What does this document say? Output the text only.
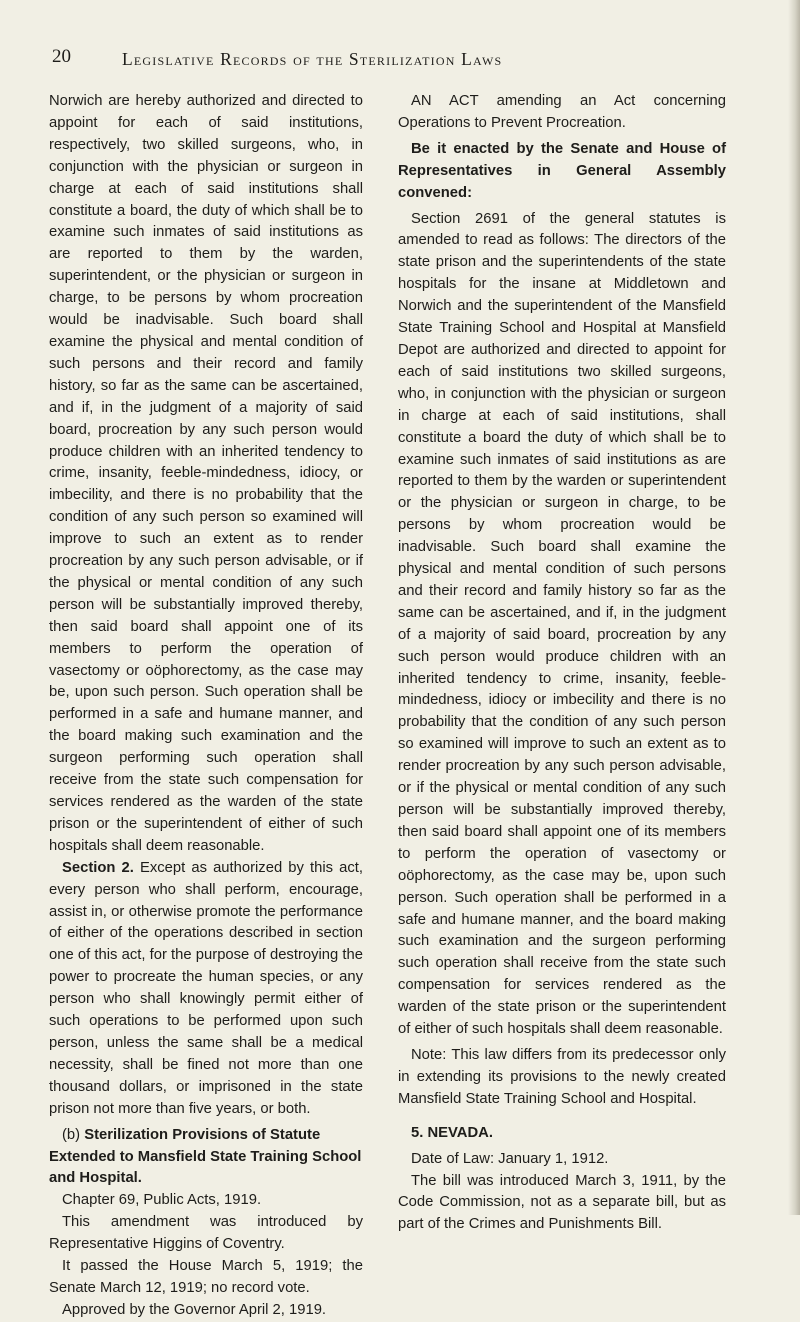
20	Legislative Records of the Sterilization Laws

Norwich are hereby authorized and directed to appoint for each of said institutions, respectively, two skilled surgeons, who, in conjunction with the physician or surgeon in charge at each of said institutions shall constitute a board, the duty of which shall be to examine such inmates of said institutions as are reported to them by the warden, superintendent, or the physician or surgeon in charge, to be persons by whom procreation would be inadvisable. Such board shall examine the physical and mental condition of such persons and their record and family history, so far as the same can be ascertained, and if, in the judgment of a majority of said board, procreation by any such person would produce children with an inherited tendency to crime, insanity, feeble-mindedness, idiocy, or imbecility, and there is no probability that the condition of any such person so examined will improve to such an extent as to render procreation by any such person advisable, or if the physical or mental condition of any such person will be substantially improved thereby, then said board shall appoint one of its members to perform the operation of vasectomy or oöphorectomy, as the case may be, upon such person. Such operation shall be performed in a safe and humane manner, and the board making such examination and the surgeon performing such operation shall receive from the state such compensation for services rendered as the warden of the state prison or the superintendent of either of such hospitals shall deem reasonable.

Section 2. Except as authorized by this act, every person who shall perform, encourage, assist in, or otherwise promote the performance of either of the operations described in section one of this act, for the purpose of destroying the power to procreate the human species, or any person who shall knowingly permit either of such operations to be performed upon such person, unless the same shall be a medical necessity, shall be fined not more than one thousand dollars, or imprisoned in the state prison not more than five years, or both.

(b) Sterilization Provisions of Statute Extended to Mansfield State Training School and Hospital.

Chapter 69, Public Acts, 1919.

This amendment was introduced by Representative Higgins of Coventry.

It passed the House March 5, 1919; the Senate March 12, 1919; no record vote.

Approved by the Governor April 2, 1919.

AN ACT amending an Act concerning Operations to Prevent Procreation.

Be it enacted by the Senate and House of Representatives in General Assembly convened:

Section 2691 of the general statutes is amended to read as follows: The directors of the state prison and the superintendents of the state hospitals for the insane at Middletown and Norwich and the superintendent of the Mansfield State Training School and Hospital at Mansfield Depot are authorized and directed to appoint for each of said institutions two skilled surgeons, who, in conjunction with the physician or surgeon in charge at each of said institutions, shall constitute a board the duty of which shall be to examine such inmates of said institutions as are reported to them by the warden or superintendent or the physician or surgeon in charge, to be persons by whom procreation would be inadvisable. Such board shall examine the physical and mental condition of such persons and their record and family history so far as the same can be ascertained, and if, in the judgment of a majority of said board, procreation by any such person would produce children with an inherited tendency to crime, insanity, feeble-mindedness, idiocy or imbecility and there is no probability that the condition of any such person so examined will improve to such an extent as to render procreation by any such person advisable, or if the physical or mental condition of any such person will be substantially improved thereby, then said board shall appoint one of its members to perform the operation of vasectomy or oöphorectomy, as the case may be, upon such person. Such operation shall be performed in a safe and humane manner, and the board making such examination and the surgeon performing such operation shall receive from the state such compensation for services rendered as the warden of the state prison or the superintendent of either of such hospitals shall deem reasonable.

Note: This law differs from its predecessor only in extending its provisions to the newly created Mansfield State Training School and Hospital.

5. NEVADA.

Date of Law: January 1, 1912.

The bill was introduced March 3, 1911, by the Code Commission, not as a separate bill, but as part of the Crimes and Punishments Bill.
